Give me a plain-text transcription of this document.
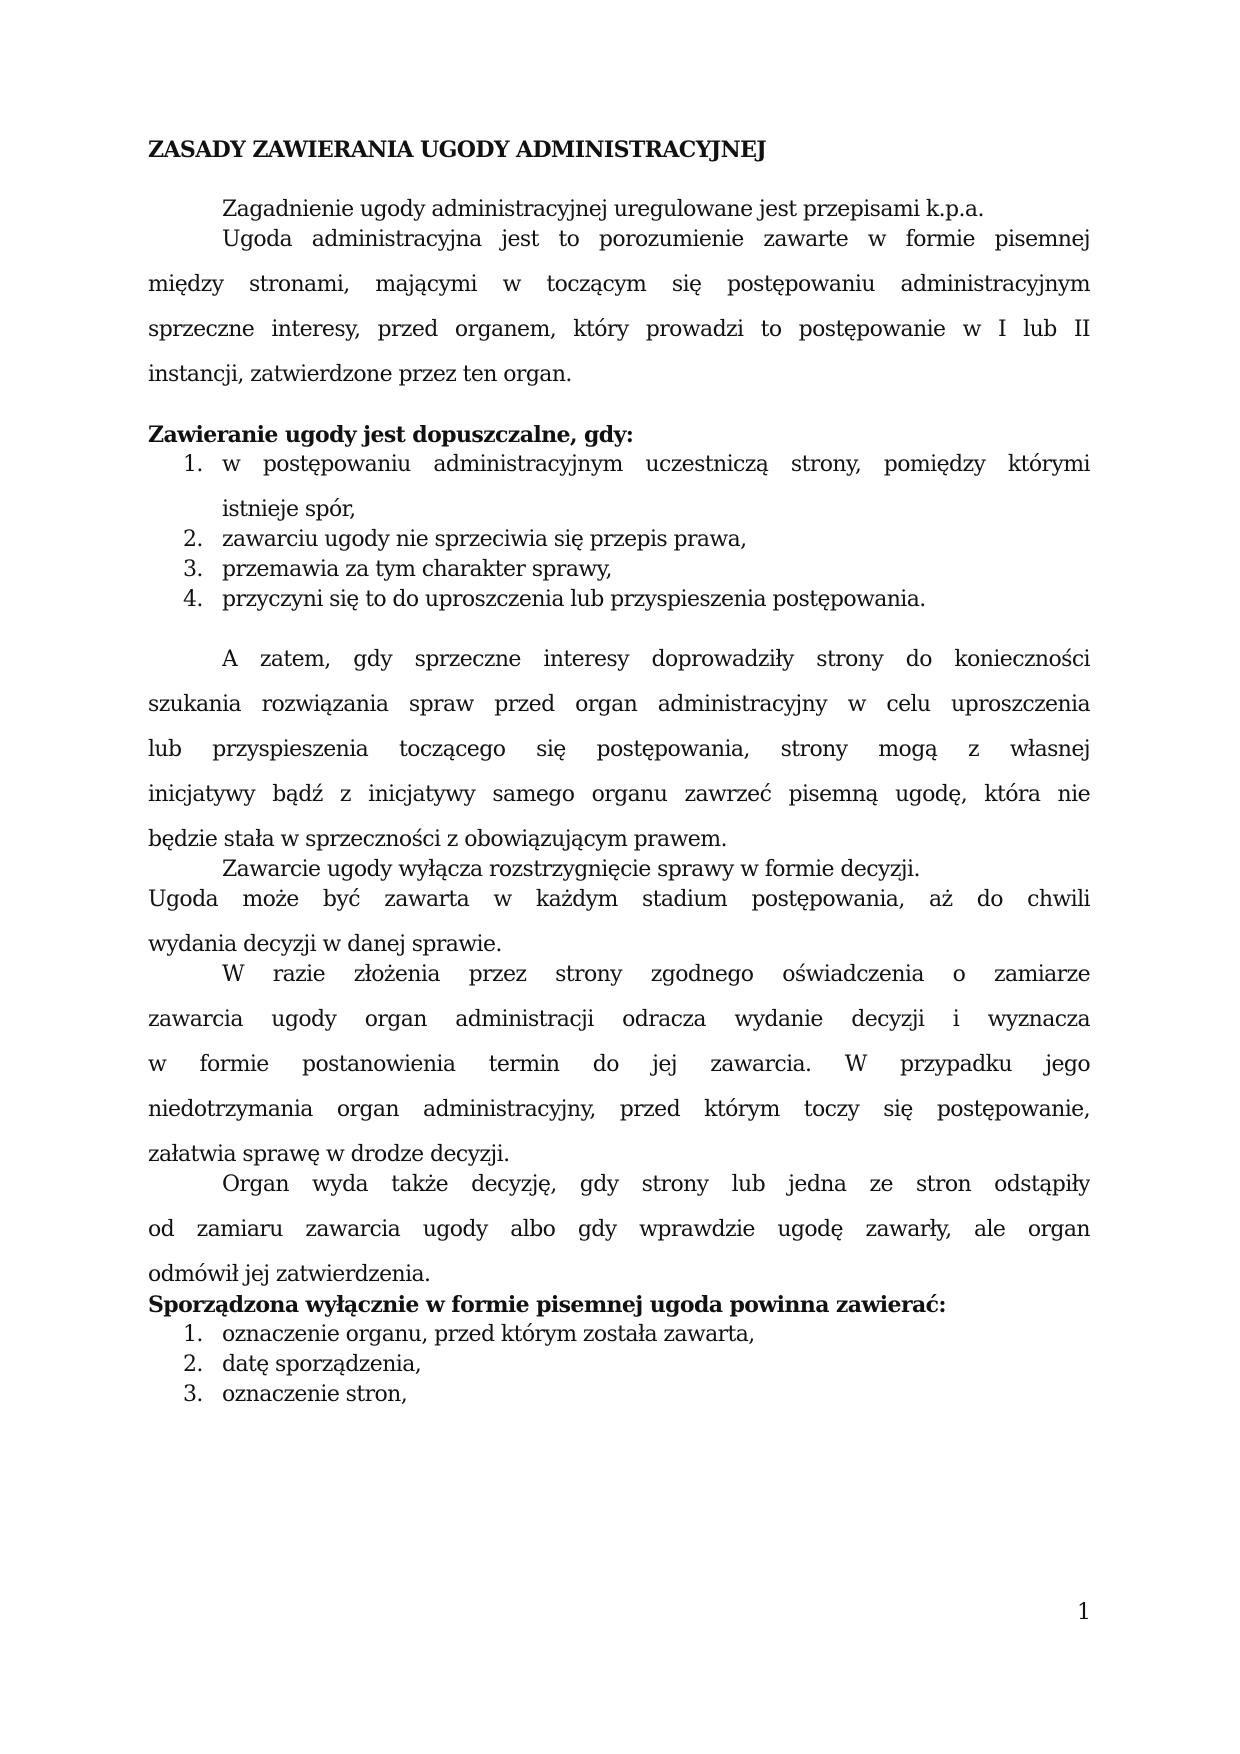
ZASADY ZAWIERANIA UGODY ADMINISTRACYJNEJ
Zagadnienie ugody administracyjnej uregulowane jest przepisami k.p.a.
Ugoda administracyjna jest to porozumienie zawarte w formie pisemnej
między stronami, mającymi w toczącym się postępowaniu administracyjnym
sprzeczne interesy, przed organem, który prowadzi to postępowanie w I lub II
instancji, zatwierdzone przez ten organ.
Zawieranie ugody jest dopuszczalne, gdy:
1. w postępowaniu administracyjnym uczestniczą strony, pomiędzy którymi
istnieje spór,
2. zawarciu ugody nie sprzeciwia się przepis prawa,
3. przemawia za tym charakter sprawy,
4. przyczyni się to do uproszczenia lub przyspieszenia postępowania.
A zatem, gdy sprzeczne interesy doprowadziły strony do konieczności
szukania rozwiązania spraw przed organ administracyjny w celu uproszczenia
lub przyspieszenia toczącego się postępowania, strony mogą z własnej
inicjatywy bądź z inicjatywy samego organu zawrzeć pisemną ugodę, która nie
będzie stała w sprzeczności z obowiązującym prawem.
Zawarcie ugody wyłącza rozstrzygnięcie sprawy w formie decyzji.
Ugoda może być zawarta w każdym stadium postępowania, aż do chwili
wydania decyzji w danej sprawie.
W razie złożenia przez strony zgodnego oświadczenia o zamiarze
zawarcia ugody organ administracji odracza wydanie decyzji i wyznacza
w formie postanowienia termin do jej zawarcia. W przypadku jego
niedotrzymania organ administracyjny, przed którym toczy się postępowanie,
załatwia sprawę w drodze decyzji.
Organ wyda także decyzję, gdy strony lub jedna ze stron odstąpiły
od zamiaru zawarcia ugody albo gdy wprawdzie ugodę zawarły, ale organ
odmówił jej zatwierdzenia.
Sporządzona wyłącznie w formie pisemnej ugoda powinna zawierać:
1. oznaczenie organu, przed którym została zawarta,
2. datę sporządzenia,
3. oznaczenie stron,
1
